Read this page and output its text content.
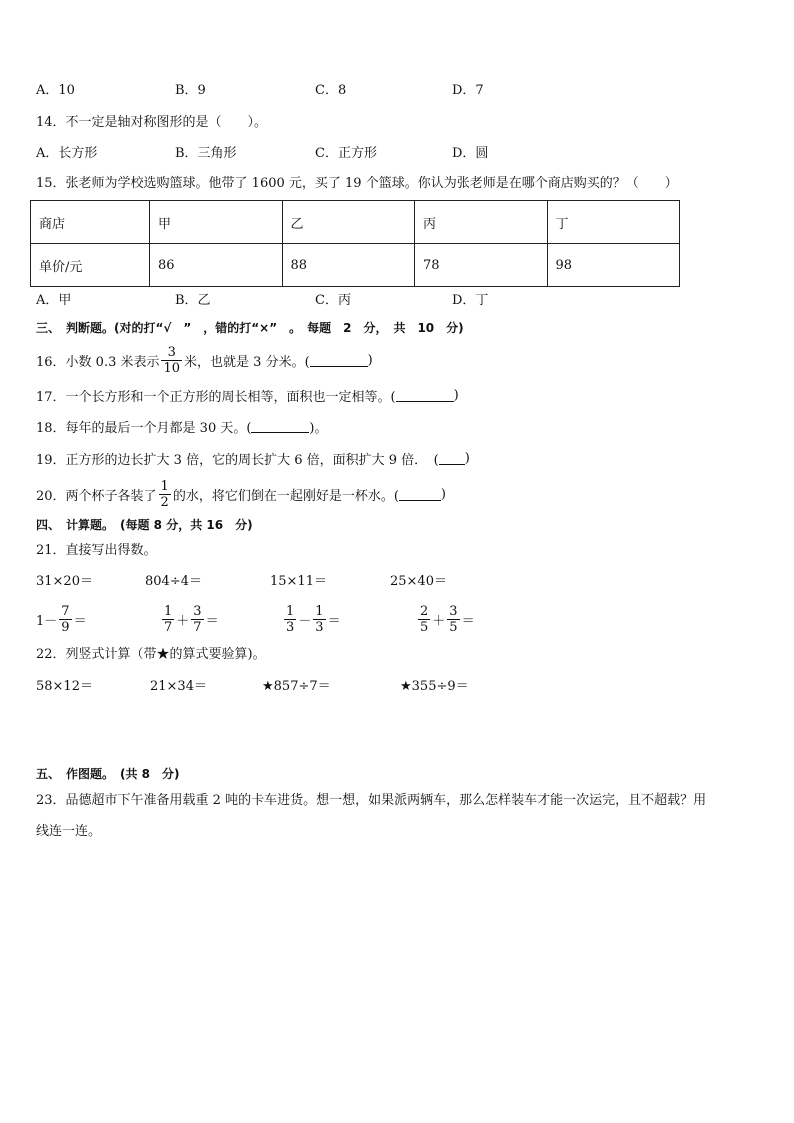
A．10	B．9	C．8	D．7
14．不一定是轴对称图形的是（　　）。
A．长方形	B．三角形	C．正方形	D．圆
15．张老师为学校选购篮球。他带了 1600 元，买了 19 个篮球。你认为张老师是在哪个商店购买的？（　　）
商店	甲	乙	丙	丁
单价/元	86	88	78	98
A．甲	B．乙	C．丙	D．丁
三、　判断题。(对的打“√　”　，错的打“×”　。　每题　2　分，　共　10　分)
16．小数 0.3 米表示 $\frac{3}{10}$ 米，也就是 3 分米。(	)
17．一个长方形和一个正方形的周长相等，面积也一定相等。(	)
18．每年的最后一个月都是 30 天。(	)。
19．正方形的边长扩大 3 倍，它的周长扩大 6 倍，面积扩大 9 倍．　( )
20．两个杯子各装了 $\frac{1}{2}$ 的水，将它们倒在一起刚好是一杯水。(	)
四、　计算题。　(每题 8 分，共 16　分)
21．直接写出得数。
31×20＝	804÷4＝	15×11＝	25×40＝
$1- \frac{7}{9}$ ＝	$\frac{1}{7} + \frac{3}{7}$ ＝	$\frac{1}{3} - \frac{1}{3}$ ＝	$\frac{2}{5} + \frac{3}{5}$ ＝
22．列竖式计算（带★的算式要验算)。
58×12＝	21×34＝	★857÷7＝	★355÷9＝
五、　作图题。　(共 8　分)
23．品德超市下午准备用载重 2 吨的卡车进货。想一想，如果派两辆车，那么怎样装车才能一次运完，且不超载？用
线连一连。
